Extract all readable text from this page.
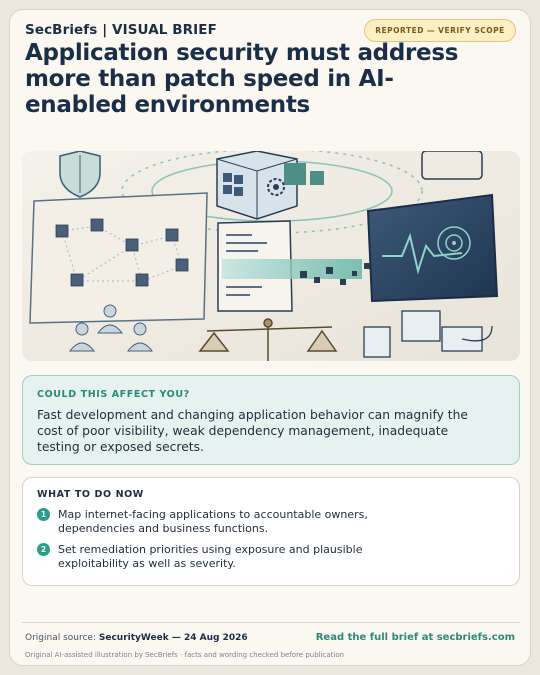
SecBriefs | VISUAL BRIEF	REPORTED — VERIFY SCOPE
Application security must address more than patch speed in AI-enabled environments
COULD THIS AFFECT YOU?
Fast development and changing application behavior can magnify the cost of poor visibility, weak dependency management, inadequate testing or exposed secrets.
WHAT TO DO NOW
1	Map internet-facing applications to accountable owners, dependencies and business functions.
2	Set remediation priorities using exposure and plausible exploitability as well as severity.
Original source: SecurityWeek — 24 Aug 2026	Read the full brief at secbriefs.com
Original AI-assisted illustration by SecBriefs · facts and wording checked before publication
